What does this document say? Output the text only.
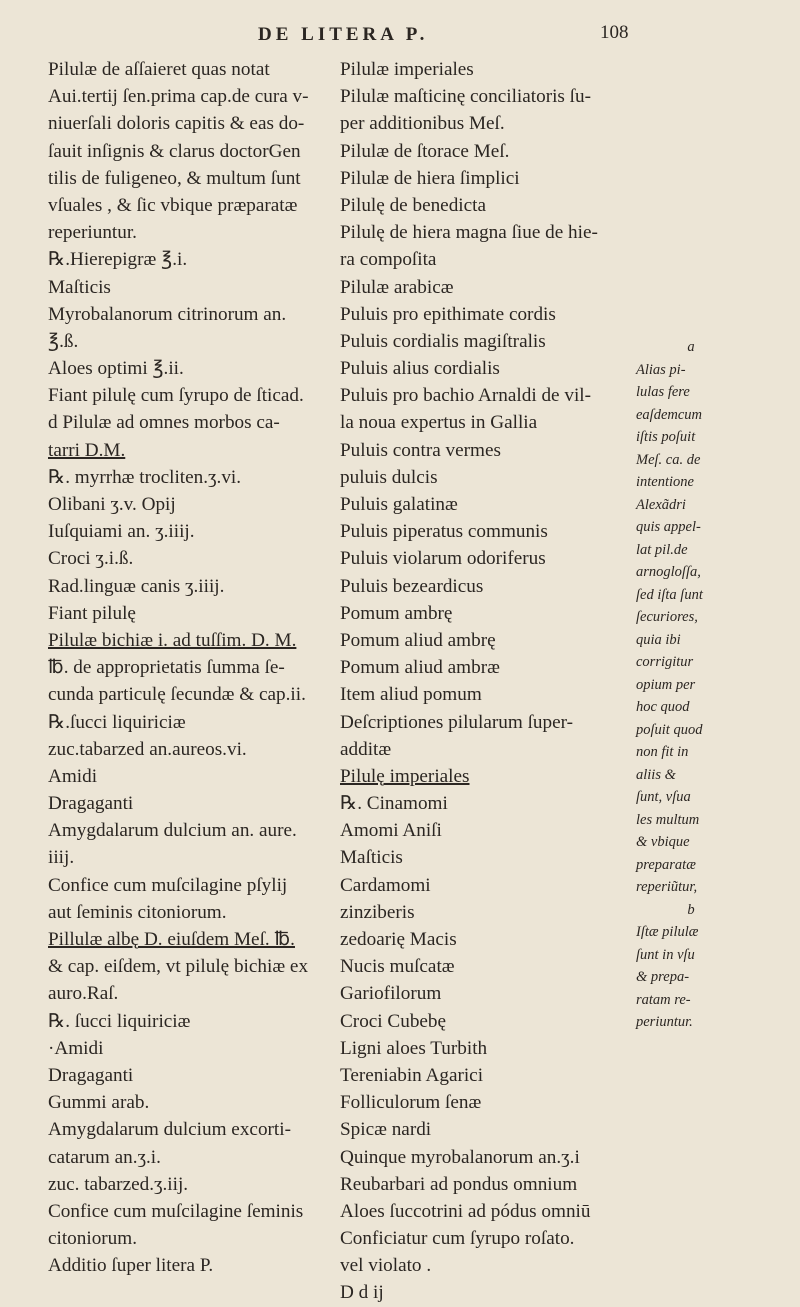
DE LITERA P.	108
Pilulæ de aſſaieret quas notat
Aui.tertij ſen.prima cap.de cura v-
niuerſali doloris capitis & eas do-
ſauit inſignis & clarus doctorGen
tilis de fuligeneo, & multum ſunt
vſuales , & ſic vbique præparatæ
reperiuntur.
℞.Hierepigræ ℥.i.
Maſticis
Myrobalanorum citrinorum an.
℥.ß.
Aloes optimi ℥.ii.
Fiant pilulę cum ſyrupo de ſticad.
d Pilulæ ad omnes morbos ca-
tarri D.M.
℞. myrrhæ trocliten.ʒ.vi.
Olibani ʒ.v. Opij
Iuſquiami an. ʒ.iiij.
Croci ʒ.i.ß.
Rad.linguæ canis ʒ.iiij.
Fiant pilulę
Pilulæ bichiæ i. ad tuſſim. D. M.
℔. de approprietatis ſumma ſe-
cunda particulę ſecundæ & cap.ii.
℞.ſucci liquiriciæ
zuc.tabarzed an.aureos.vi.
Amidi
Dragaganti
Amygdalarum dulcium an. aure.
iiij.
Confice cum muſcilagine pſylij
aut ſeminis citoniorum.
Pillulæ albę D. eiuſdem Meſ. ℔.
& cap. eiſdem, vt pilulę bichiæ ex
auro.Raſ.
℞. ſucci liquiriciæ
·Amidi
Dragaganti
Gummi arab.
Amygdalarum dulcium excorti-
catarum an.ʒ.i.
zuc. tabarzed.ʒ.iij.
Confice cum muſcilagine ſeminis
citoniorum.
Additio ſuper litera P.
Pilulæ imperiales
Pilulæ maſticinę conciliatoris ſu-
per additionibus Meſ.
Pilulæ de ſtorace Meſ.
Pilulæ de hiera ſimplici
Pilulę de benedicta
Pilulę de hiera magna ſiue de hie-
ra compoſita
Pilulæ arabicæ
Puluis pro epithimate cordis
Puluis cordialis magiſtralis
Puluis alius cordialis
Puluis pro bachio Arnaldi de vil-
la noua expertus in Gallia
Puluis contra vermes
puluis dulcis
Puluis galatinæ
Puluis piperatus communis
Puluis violarum odoriferus
Puluis bezeardicus
Pomum ambrę
Pomum aliud ambrę
Pomum aliud ambræ
Item aliud pomum
Deſcriptiones pilularum ſuper-
additæ
Pilulę imperiales
℞. Cinamomi
Amomi Aniſi
Maſticis
Cardamomi
zinziberis
zedoarię Macis
Nucis muſcatæ
Gariofilorum
Croci Cubebę
Ligni aloes Turbith
Tereniabin Agarici
Folliculorum ſenæ
Spicæ nardi
Quinque myrobalanorum an.ʒ.i
Reubarbari ad pondus omnium
Aloes ſuccotrini ad pódus omniū
Conficiatur cum ſyrupo roſato.
vel violato .
D d ij
a
Alias pi-
lulas fere
eaſdemcum
iſtis poſuit
Meſ. ca. de
intentione
Alexãdri
quis appel-
lat pil.de
arnogloſſa,
ſed iſta ſunt
ſecuriores,
quia ibi
corrigitur
opium per
hoc quod
poſuit quod
non fit in
aliis &
ſunt, vſua
les multum
& vbique
preparatæ
reperiũtur,
b
Iſtæ pilulæ
ſunt in vſu
& prepa-
ratam re-
periuntur.
